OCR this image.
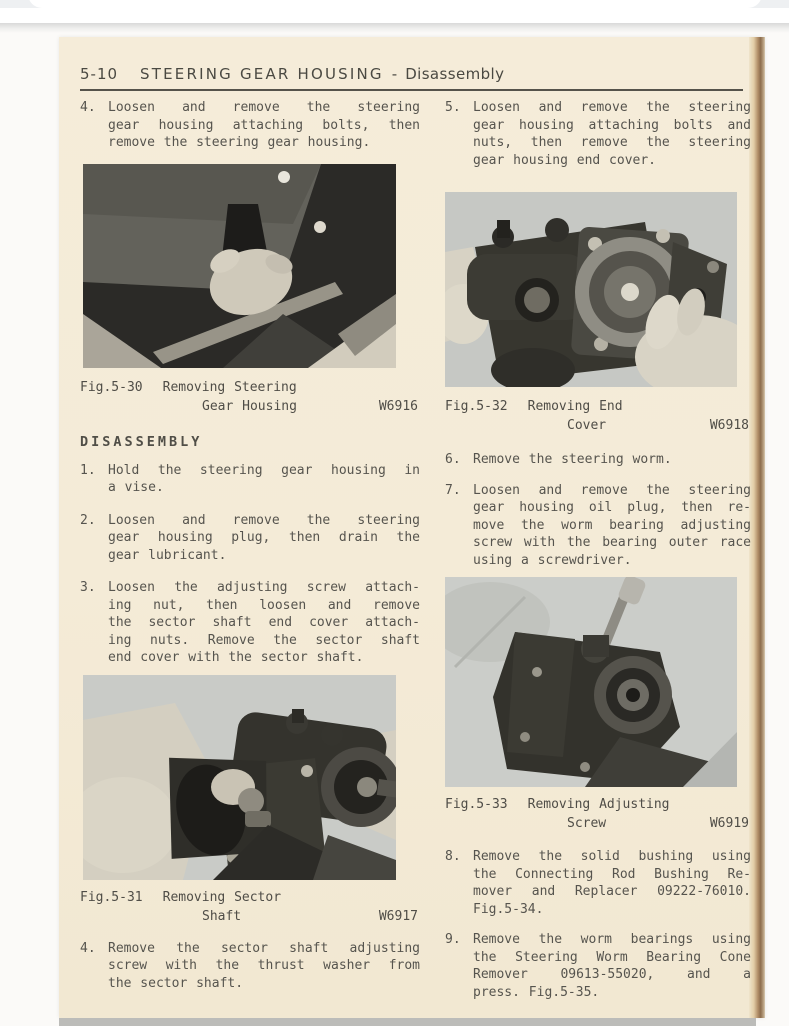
5-10 STEERING GEAR HOUSING - Disassembly
4. Loosen and remove the steering
gear housing attaching bolts, then
remove the steering gear housing.
Fig.5-30 Removing Steering
Gear Housing	W6916
DISASSEMBLY
1. Hold the steering gear housing in
a vise.
2. Loosen and remove the steering
gear housing plug, then drain the
gear lubricant.
3. Loosen the adjusting screw attach-
ing nut, then loosen and remove
the sector shaft end cover attach-
ing nuts. Remove the sector shaft
end cover with the sector shaft.
Fig.5-31 Removing Sector
Shaft	W6917
4. Remove the sector shaft adjusting
screw with the thrust washer from
the sector shaft.
5. Loosen and remove the steering
gear housing attaching bolts and
nuts, then remove the steering
gear housing end cover.
Fig.5-32 Removing End
Cover	W6918
6. Remove the steering worm.
7. Loosen and remove the steering
gear housing oil plug, then re-
move the worm bearing adjusting
screw with the bearing outer race
using a screwdriver.
Fig.5-33 Removing Adjusting
Screw	W6919
8. Remove the solid bushing using
the Connecting Rod Bushing Re-
mover and Replacer 09222-76010.
Fig.5-34.
9. Remove the worm bearings using
the Steering Worm Bearing Cone
Remover 09613-55020, and a
press. Fig.5-35.
